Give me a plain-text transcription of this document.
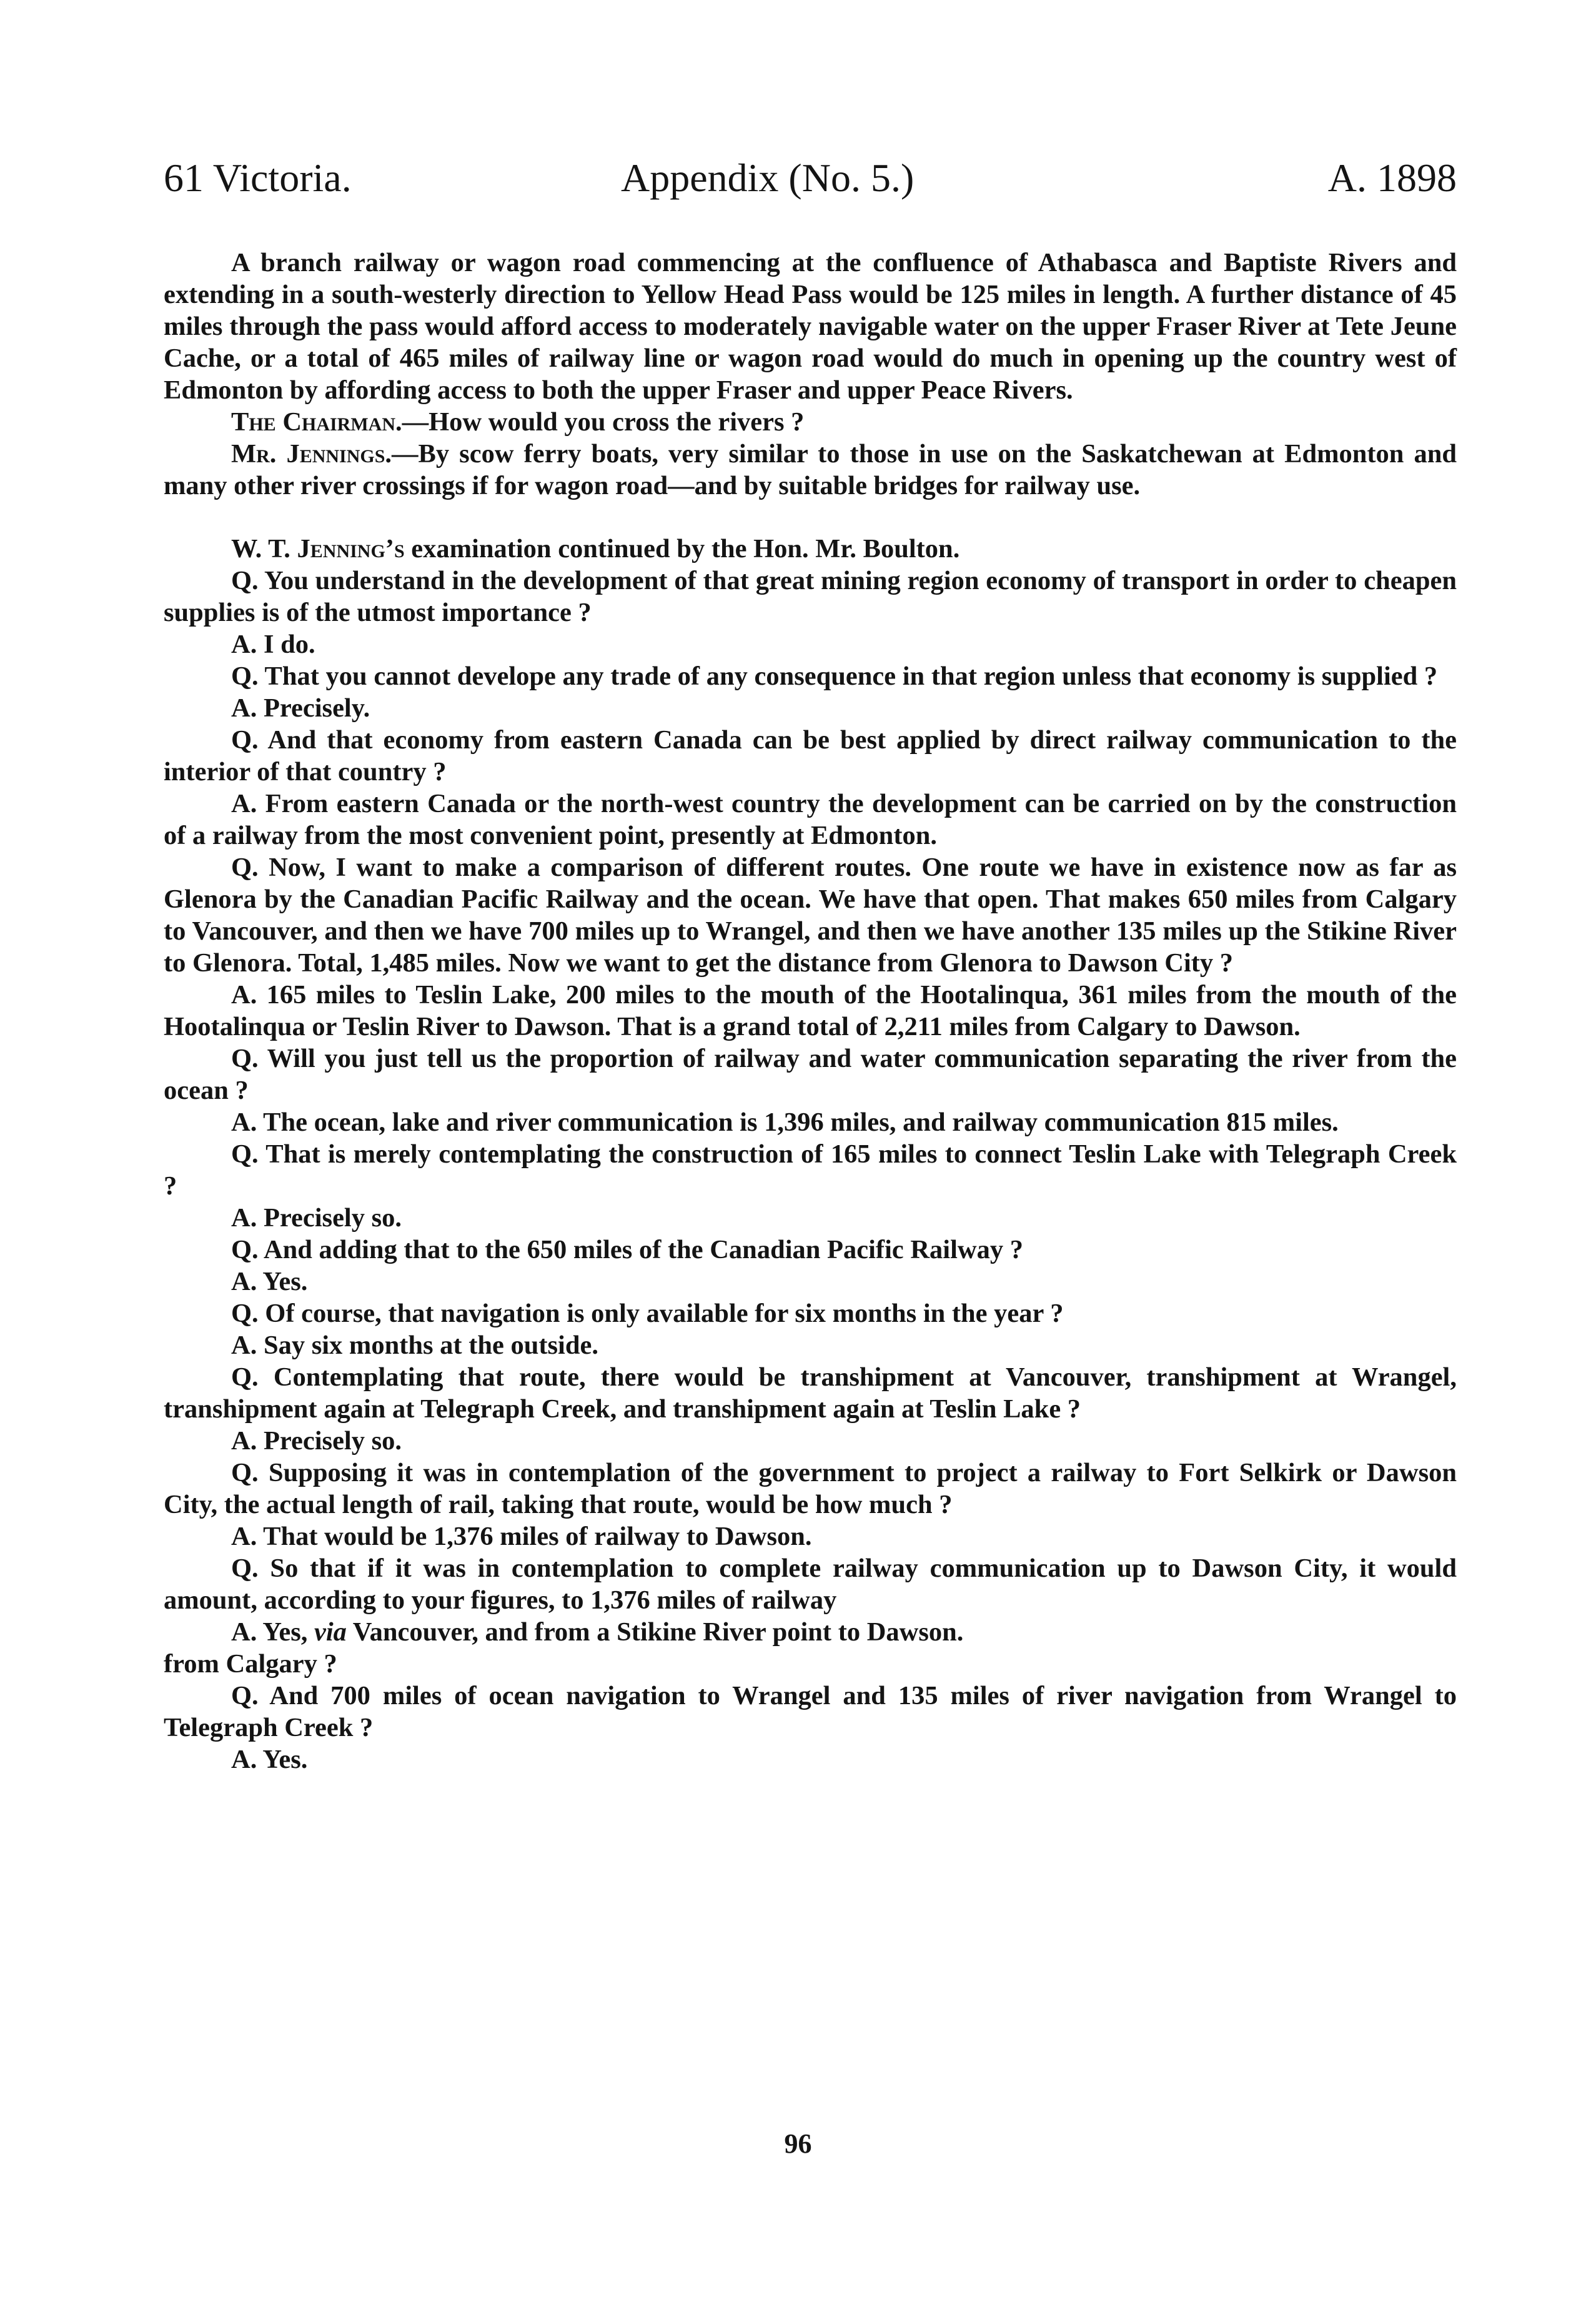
61 Victoria.	Appendix (No. 5.)	A. 1898

A branch railway or wagon road commencing at the confluence of Athabasca and Baptiste Rivers and extending in a south-westerly direction to Yellow Head Pass would be 125 miles in length. A further distance of 45 miles through the pass would afford access to moderately navigable water on the upper Fraser River at Tete Jeune Cache, or a total of 465 miles of railway line or wagon road would do much in opening up the country west of Edmonton by affording access to both the upper Fraser and upper Peace Rivers.

The Chairman.—How would you cross the rivers ?

Mr. Jennings.—By scow ferry boats, very similar to those in use on the Saskatchewan at Edmonton and many other river crossings if for wagon road—and by suitable bridges for railway use.

W. T. Jenning’s examination continued by the Hon. Mr. Boulton.

Q. You understand in the development of that great mining region economy of transport in order to cheapen supplies is of the utmost importance ?

A. I do.

Q. That you cannot develope any trade of any consequence in that region unless that economy is supplied ?

A. Precisely.

Q. And that economy from eastern Canada can be best applied by direct railway communication to the interior of that country ?

A. From eastern Canada or the north-west country the development can be carried on by the construction of a railway from the most convenient point, presently at Edmonton.

Q. Now, I want to make a comparison of different routes. One route we have in existence now as far as Glenora by the Canadian Pacific Railway and the ocean. We have that open. That makes 650 miles from Calgary to Vancouver, and then we have 700 miles up to Wrangel, and then we have another 135 miles up the Stikine River to Glenora. Total, 1,485 miles. Now we want to get the distance from Glenora to Dawson City ?

A. 165 miles to Teslin Lake, 200 miles to the mouth of the Hootalinqua, 361 miles from the mouth of the Hootalinqua or Teslin River to Dawson. That is a grand total of 2,211 miles from Calgary to Dawson.

Q. Will you just tell us the proportion of railway and water communication separating the river from the ocean ?

A. The ocean, lake and river communication is 1,396 miles, and railway communication 815 miles.

Q. That is merely contemplating the construction of 165 miles to connect Teslin Lake with Telegraph Creek ?

A. Precisely so.

Q. And adding that to the 650 miles of the Canadian Pacific Railway ?

A. Yes.

Q. Of course, that navigation is only available for six months in the year ?

A. Say six months at the outside.

Q. Contemplating that route, there would be transhipment at Vancouver, transhipment at Wrangel, transhipment again at Telegraph Creek, and transhipment again at Teslin Lake ?

A. Precisely so.

Q. Supposing it was in contemplation of the government to project a railway to Fort Selkirk or Dawson City, the actual length of rail, taking that route, would be how much ?

A. That would be 1,376 miles of railway to Dawson.

Q. So that if it was in contemplation to complete railway communication up to Dawson City, it would amount, according to your figures, to 1,376 miles of railway

A. Yes, via Vancouver, and from a Stikine River point to Dawson.

from Calgary ?

Q. And 700 miles of ocean navigation to Wrangel and 135 miles of river navigation from Wrangel to Telegraph Creek ?

A. Yes.

96
